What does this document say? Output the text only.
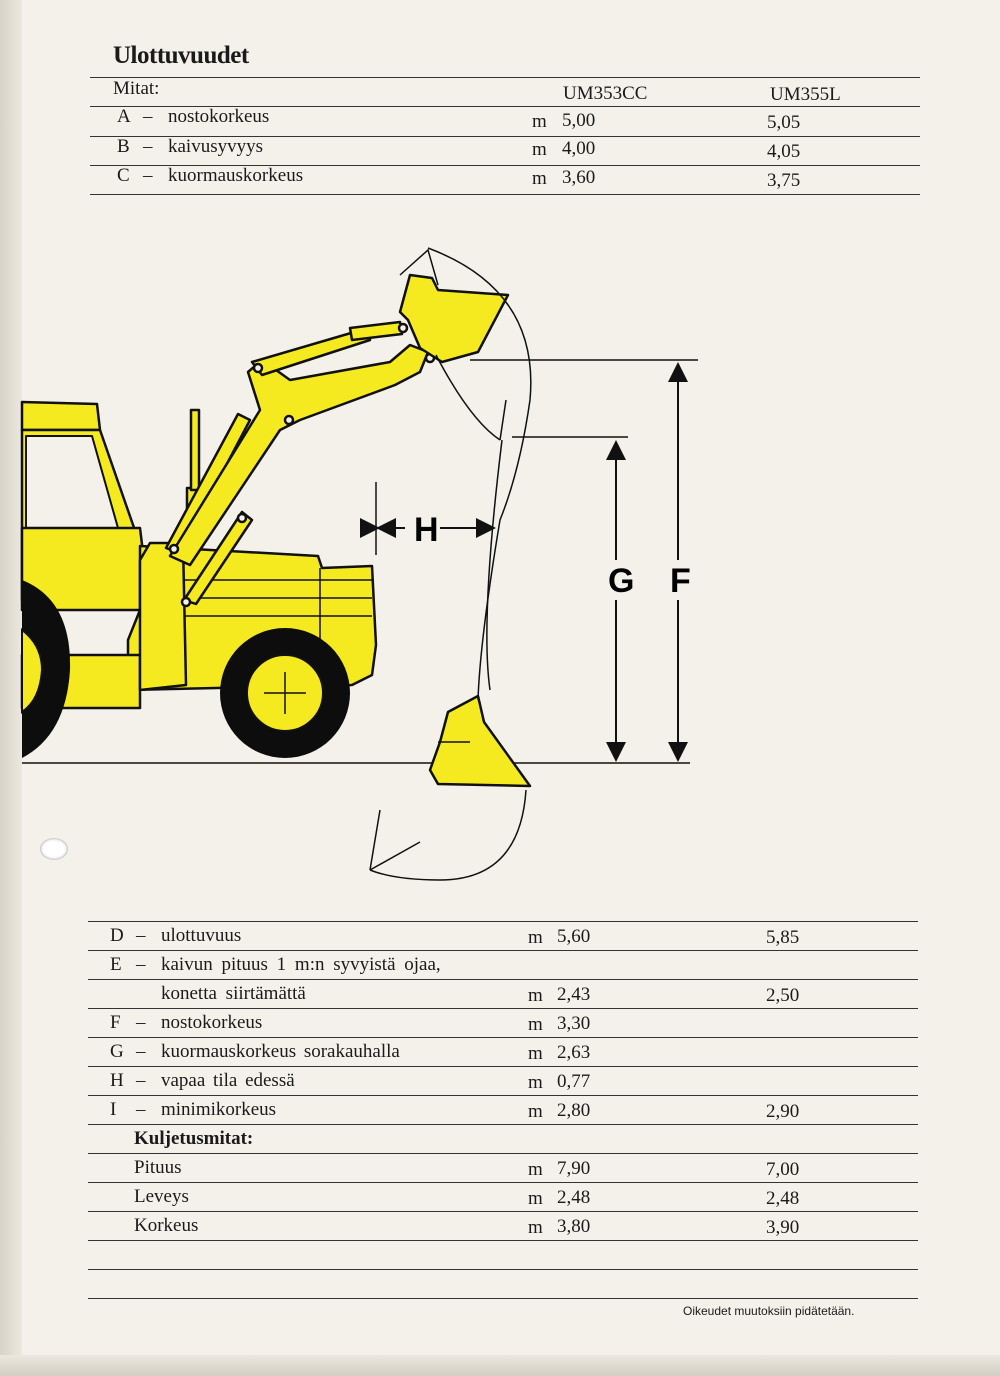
Ulottuvuudet
Mitat:	UM353CC	UM355L
A – nostokorkeus	m 5,00	5,05
B – kaivusyvyys	m 4,00	4,05
C – kuormauskorkeus	m 3,60	3,75
H
G F
D – ulottuvuus	m 5,60	5,85
E – kaivun pituus 1 m:n syvyistä ojaa,
konetta siirtämättä	m 2,43	2,50
F – nostokorkeus	m 3,30
G – kuormauskorkeus sorakauhalla	m 2,63
H – vapaa tila edessä	m 0,77
I – minimikorkeus	m 2,80	2,90
Kuljetusmitat:
Pituus	m 7,90	7,00
Leveys	m 2,48	2,48
Korkeus	m 3,80	3,90
Oikeudet muutoksiin pidätetään.
